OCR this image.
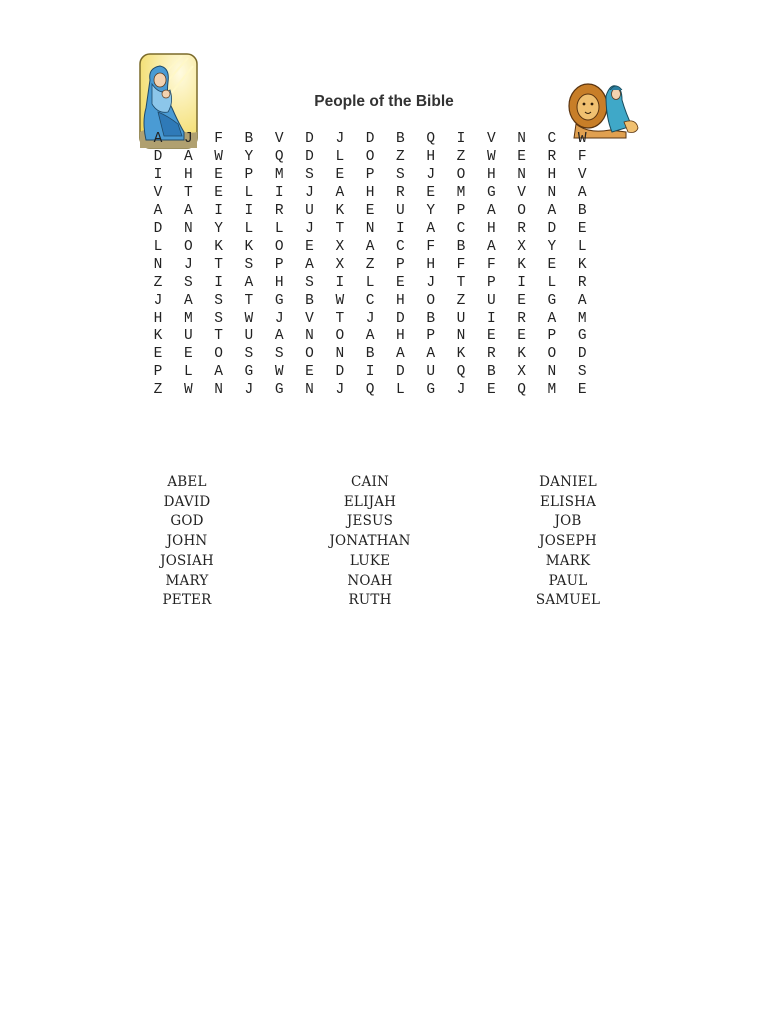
People of the Bible
A	J	F	B	V	D	J	D	B	Q	I	V	N	C	W
D	A	W	Y	Q	D	L	O	Z	H	Z	W	E	R	F
I	H	E	P	M	S	E	P	S	J	O	H	N	H	V
V	T	E	L	I	J	A	H	R	E	M	G	V	N	A
A	A	I	I	R	U	K	E	U	Y	P	A	O	A	B
D	N	Y	L	L	J	T	N	I	A	C	H	R	D	E
L	O	K	K	O	E	X	A	C	F	B	A	X	Y	L
N	J	T	S	P	A	X	Z	P	H	F	F	K	E	K
Z	S	I	A	H	S	I	L	E	J	T	P	I	L	R
J	A	S	T	G	B	W	C	H	O	Z	U	E	G	A
H	M	S	W	J	V	T	J	D	B	U	I	R	A	M
K	U	T	U	A	N	O	A	H	P	N	E	E	P	G
E	E	O	S	S	O	N	B	A	A	K	R	K	O	D
P	L	A	G	W	E	D	I	D	U	Q	B	X	N	S
Z	W	N	J	G	N	J	Q	L	G	J	E	Q	M	E
ABEL
DAVID
GOD
JOHN
JOSIAH
MARY
PETER
CAIN
ELIJAH
JESUS
JONATHAN
LUKE
NOAH
RUTH
DANIEL
ELISHA
JOB
JOSEPH
MARK
PAUL
SAMUEL
